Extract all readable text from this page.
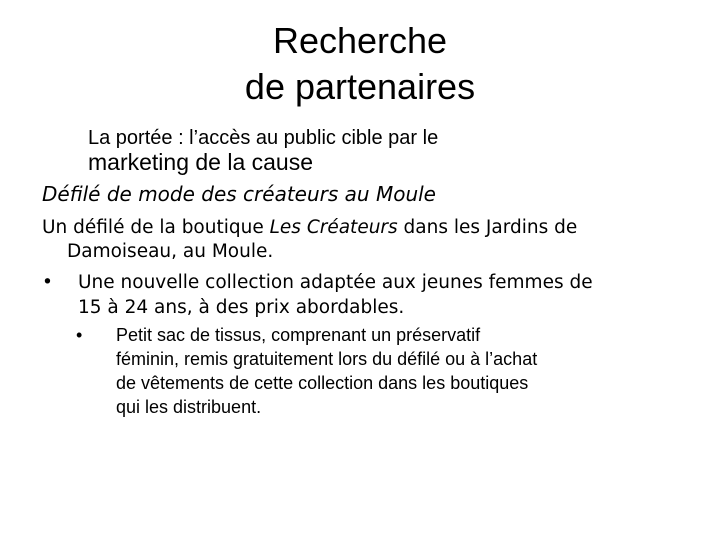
Recherche
de partenaires
La portée : l’accès au public cible par le
marketing de la cause
Défilé de mode des créateurs au Moule
Un défilé de la boutique Les Créateurs dans les Jardins de
Damoiseau, au Moule.
•	Une nouvelle collection adaptée aux jeunes femmes de
15 à 24 ans, à des prix abordables.
•	Petit sac de tissus, comprenant un préservatif
féminin, remis gratuitement lors du défilé ou à l’achat
de vêtements de cette collection dans les boutiques
qui les distribuent.
